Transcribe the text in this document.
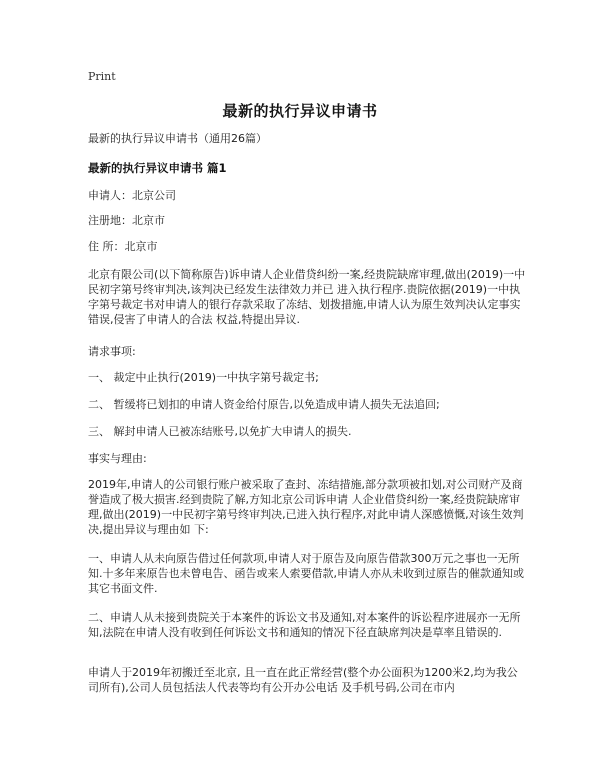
Print
最新的执行异议申请书

最新的执行异议申请书（通用26篇）

最新的执行异议申请书 篇1

申请人：北京公司

注册地：北京市

住 所：北京市

北京有限公司(以下简称原告)诉申请人企业借贷纠纷一案,经贵院缺席审理,做出(2019)一中民初字第号终审判决,该判决已经发生法律效力并已 进入执行程序.贵院依据(2019)一中执字第号裁定书对申请人的银行存款采取了冻结、划拨措施,申请人认为原生效判决认定事实错误,侵害了申请人的合法 权益,特提出异议.

请求事项:

一、 裁定中止执行(2019)一中执字第号裁定书;

二、 暂缓将已划扣的申请人资金给付原告,以免造成申请人损失无法追回;

三、 解封申请人已被冻结账号,以免扩大申请人的损失.

事实与理由:

2019年,申请人的公司银行账户被采取了查封、冻结措施,部分款项被扣划,对公司财产及商誉造成了极大损害.经到贵院了解,方知北京公司诉申请 人企业借贷纠纷一案,经贵院缺席审理,做出(2019)一中民初字第号终审判决,已进入执行程序,对此申请人深感愤慨,对该生效判决,提出异议与理由如 下:

一、申请人从未向原告借过任何款项,申请人对于原告及向原告借款300万元之事也一无所知.十多年来原告也未曾电告、函告或来人索要借款,申请人亦从未收到过原告的催款通知或其它书面文件.

二、申请人从未接到贵院关于本案件的诉讼文书及通知,对本案件的诉讼程序进展亦一无所知,法院在申请人没有收到任何诉讼文书和通知的情况下径直缺席判决是草率且错误的.

申请人于2019年初搬迁至北京, 且一直在此正常经营(整个办公面积为1200米2,均为我公司所有),公司人员包括法人代表等均有公开办公电话 及手机号码,公司在市内
